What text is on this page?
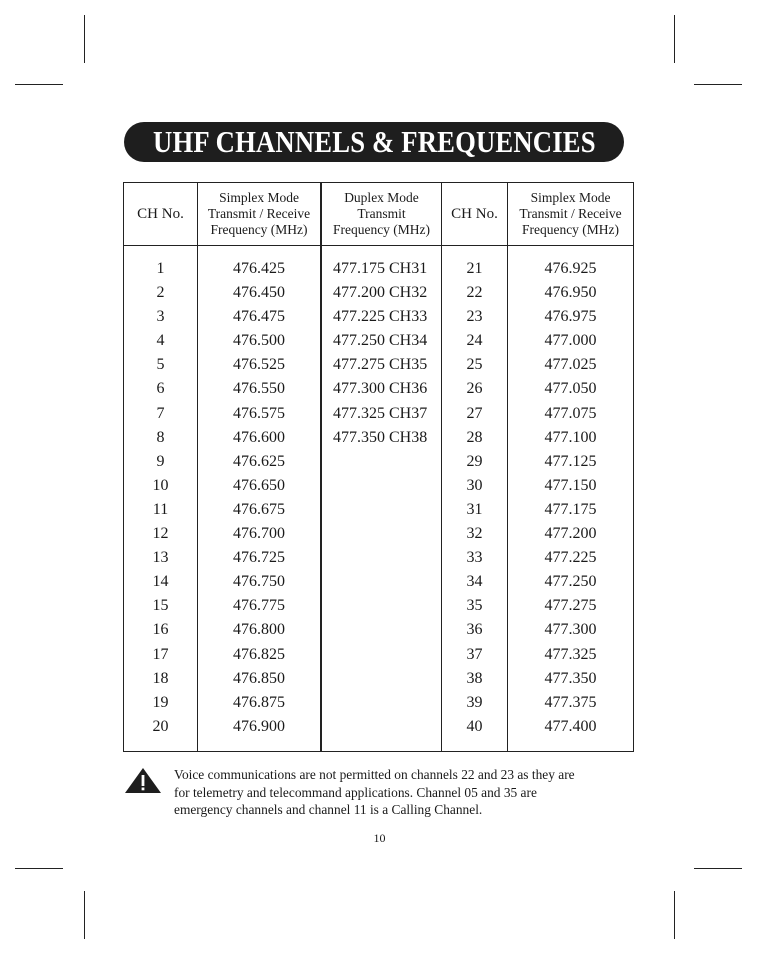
UHF CHANNELS & FREQUENCIES
CH No.
Simplex Mode
Transmit / Receive
Frequency (MHz)
Duplex Mode
Transmit
Frequency (MHz)
CH No.
Simplex Mode
Transmit / Receive
Frequency (MHz)
1
2
3
4
5
6
7
8
9
10
11
12
13
14
15
16
17
18
19
20
476.425
476.450
476.475
476.500
476.525
476.550
476.575
476.600
476.625
476.650
476.675
476.700
476.725
476.750
476.775
476.800
476.825
476.850
476.875
476.900
477.175 CH31
477.200 CH32
477.225 CH33
477.250 CH34
477.275 CH35
477.300 CH36
477.325 CH37
477.350 CH38
21
22
23
24
25
26
27
28
29
30
31
32
33
34
35
36
37
38
39
40
476.925
476.950
476.975
477.000
477.025
477.050
477.075
477.100
477.125
477.150
477.175
477.200
477.225
477.250
477.275
477.300
477.325
477.350
477.375
477.400
Voice communications are not permitted on channels 22 and 23 as they are
for telemetry and telecommand applications. Channel 05 and 35 are
emergency channels and channel 11 is a Calling Channel.
10
